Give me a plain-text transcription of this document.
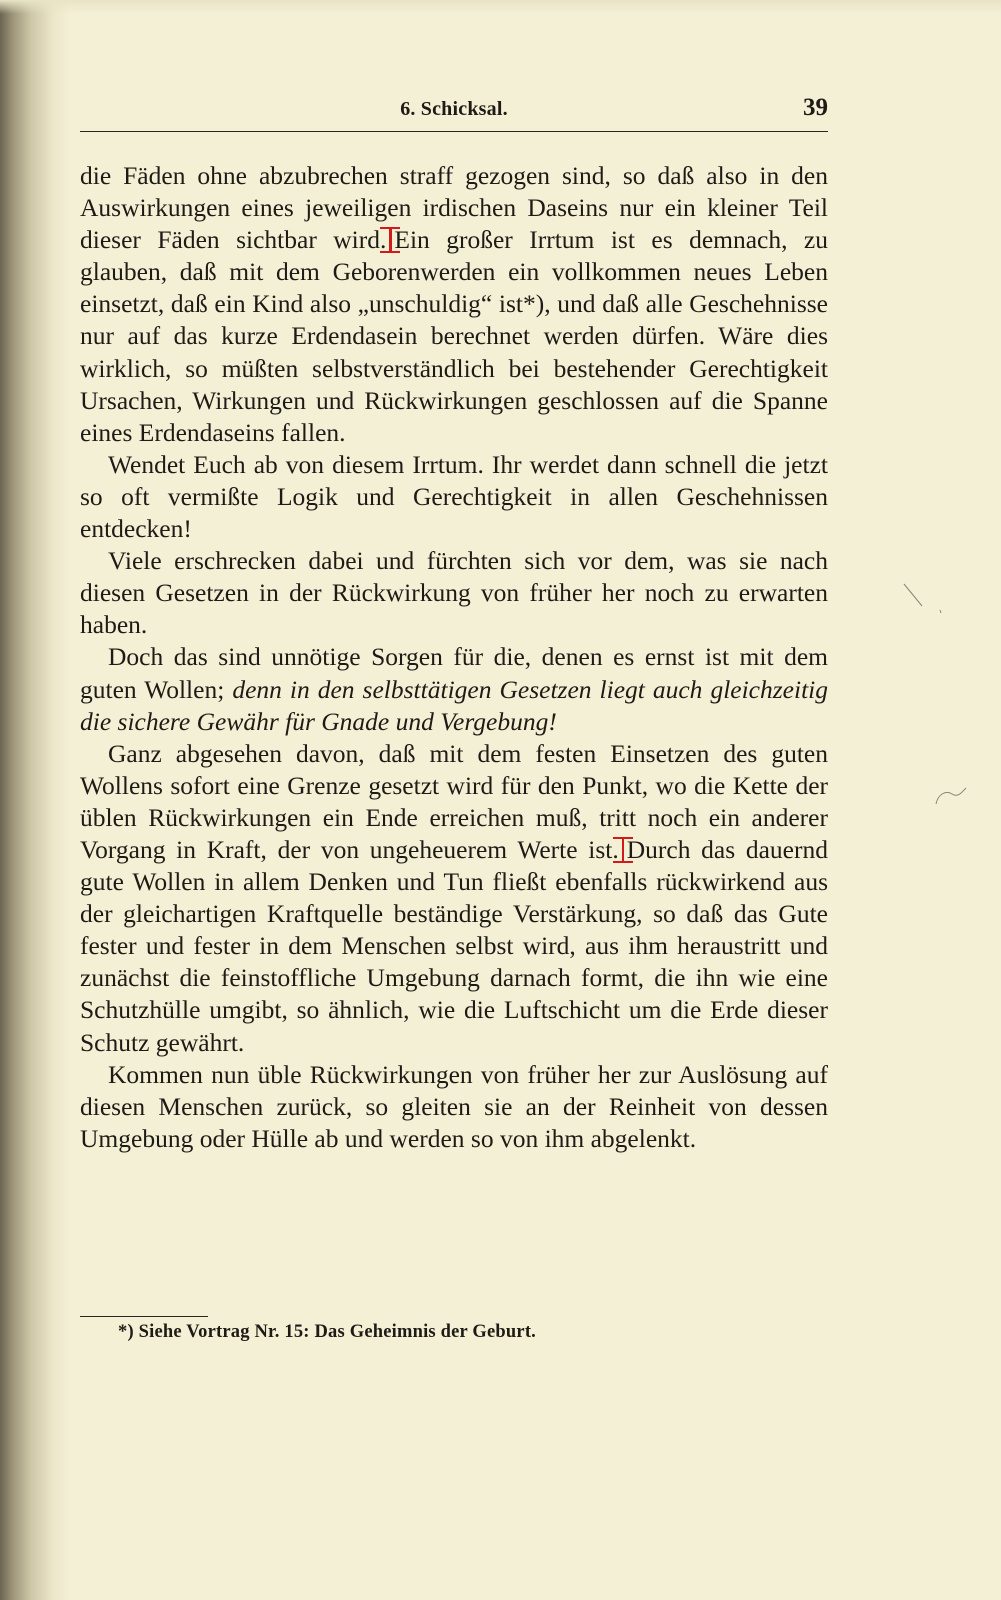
6. Schicksal.	39

die Fäden ohne abzubrechen straff gezogen sind, so daß also in den Auswirkungen eines jeweiligen irdischen Daseins nur ein kleiner Teil dieser Fäden sichtbar wird. Ein großer Irrtum ist es demnach, zu glauben, daß mit dem Geborenwerden ein vollkommen neues Leben einsetzt, daß ein Kind also „unschuldig“ ist*), und daß alle Geschehnisse nur auf das kurze Erdendasein berechnet werden dürfen. Wäre dies wirklich, so müßten selbstverständlich bei bestehender Gerechtigkeit Ursachen, Wirkungen und Rückwirkungen geschlossen auf die Spanne eines Erdendaseins fallen.

Wendet Euch ab von diesem Irrtum. Ihr werdet dann schnell die jetzt so oft vermißte Logik und Gerechtigkeit in allen Geschehnissen entdecken!

Viele erschrecken dabei und fürchten sich vor dem, was sie nach diesen Gesetzen in der Rückwirkung von früher her noch zu erwarten haben.

Doch das sind unnötige Sorgen für die, denen es ernst ist mit dem guten Wollen; denn in den selbsttätigen Gesetzen liegt auch gleichzeitig die sichere Gewähr für Gnade und Vergebung!

Ganz abgesehen davon, daß mit dem festen Einsetzen des guten Wollens sofort eine Grenze gesetzt wird für den Punkt, wo die Kette der üblen Rückwirkungen ein Ende erreichen muß, tritt noch ein anderer Vorgang in Kraft, der von ungeheuerem Werte ist. Durch das dauernd gute Wollen in allem Denken und Tun fließt ebenfalls rückwirkend aus der gleichartigen Kraftquelle beständige Verstärkung, so daß das Gute fester und fester in dem Menschen selbst wird, aus ihm heraustritt und zunächst die feinstoffliche Umgebung darnach formt, die ihn wie eine Schutzhülle umgibt, so ähnlich, wie die Luftschicht um die Erde dieser Schutz gewährt.

Kommen nun üble Rückwirkungen von früher her zur Auslösung auf diesen Menschen zurück, so gleiten sie an der Reinheit von dessen Umgebung oder Hülle ab und werden so von ihm abgelenkt.

*) Siehe Vortrag Nr. 15: Das Geheimnis der Geburt.
